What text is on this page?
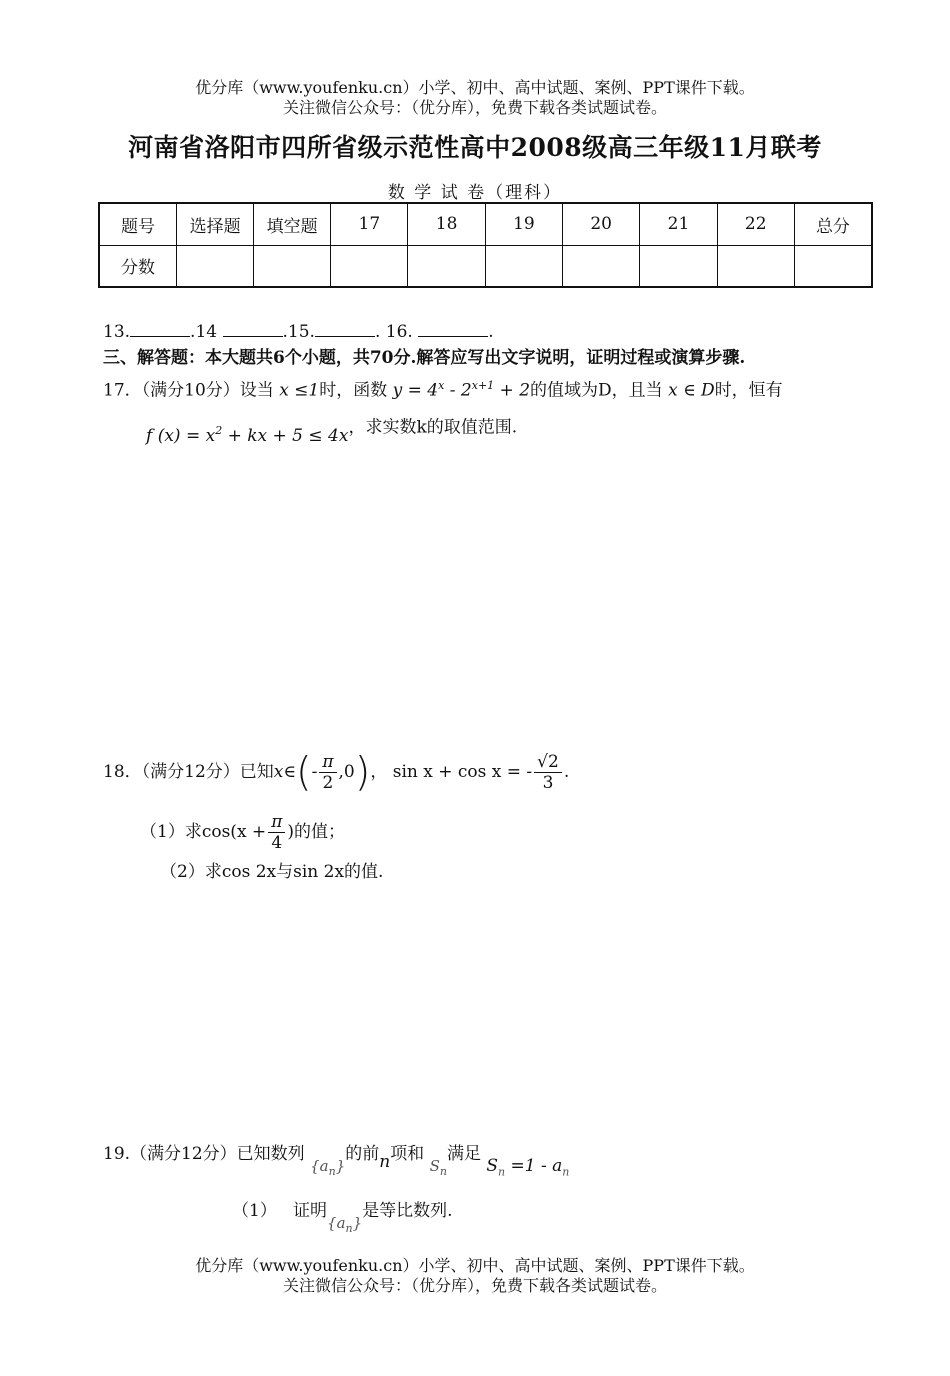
优分库（www.youfenku.cn）小学、初中、高中试题、案例、PPT课件下载。
关注微信公众号：（优分库），免费下载各类试题试卷。
河南省洛阳市四所省级示范性高中2008级高三年级11月联考
数 学 试 卷（理科）
题号	选择题	填空题	17	18	19	20	21	22	总分
分数									
13.	.14	.15.	. 16.	.
三、解答题：本大题共6个小题，共70分.解答应写出文字说明，证明过程或演算步骤.
17．（满分10分）设当 x ≤1时，函数 $y = 4^x - 2^{x+1} + 2$的值域为D，且当 x ∈ D时，恒有
f $(x) = x^2$ + kx + 5 ≤ 4x，求实数k的取值范围.
18．（满分12分）已知x∈(- $\frac{\pi}{2} ,0$)， sin x + cos x = - $\frac{√2}{3}$ .
（1）求$\cos(x + \frac{\pi}{4}$ )的值；
（2）求cos 2x与sin 2x的值.
19.（满分12分）已知数列 $\{a_n\}$的前n项和 $S_n$满足 $S_n =1 - a_n$
（1） 证明$\{a_n\}$是等比数列.
优分库（www.youfenku.cn）小学、初中、高中试题、案例、PPT课件下载。
关注微信公众号：（优分库），免费下载各类试题试卷。
